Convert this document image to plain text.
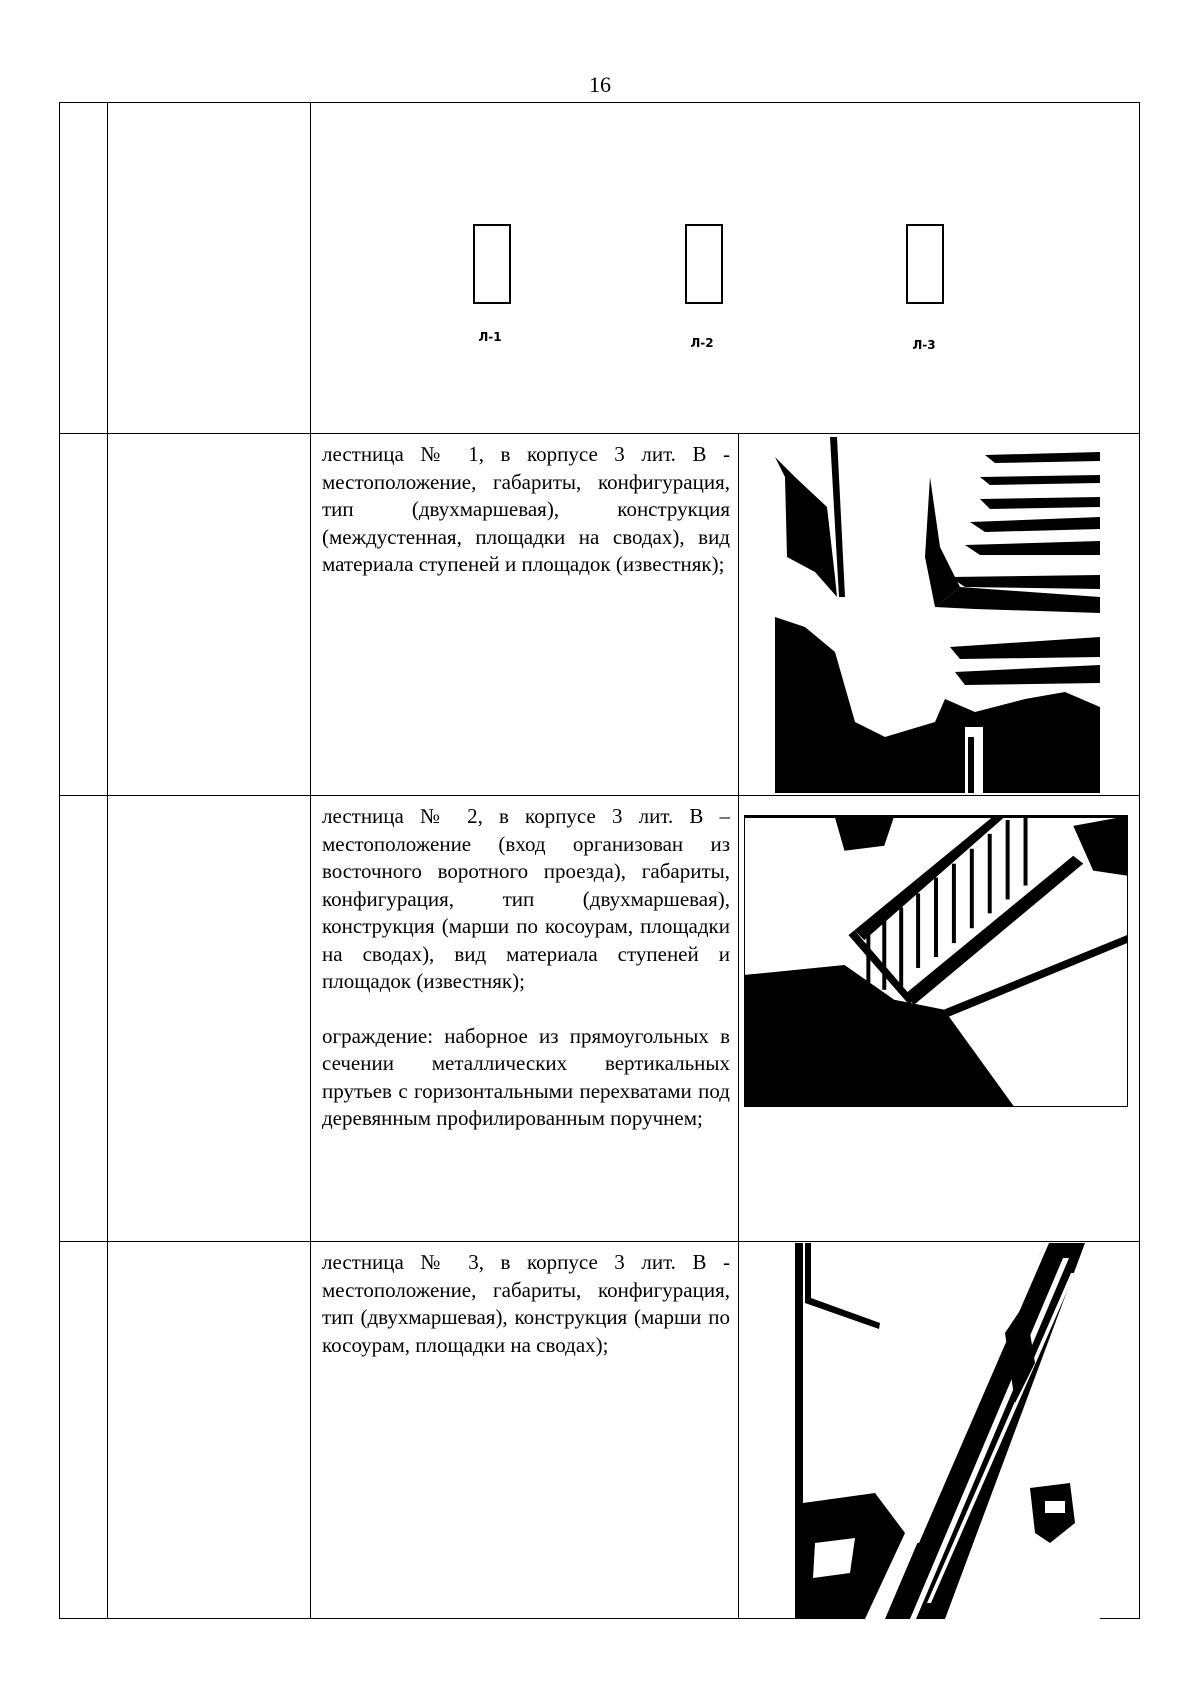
16
Л-1	Л-2	Л-3

лестница № 1, в корпусе 3 лит. В - местоположение, габариты, конфигурация, тип (двухмаршевая), конструкция (междустенная, площадки на сводах), вид материала ступеней и площадок (известняк);

лестница № 2, в корпусе 3 лит. В – местоположение (вход организован из восточного воротного проезда), габариты, конфигурация, тип (двухмаршевая), конструкция (марши по косоурам, площадки на сводах), вид материала ступеней и площадок (известняк);

ограждение: наборное из прямоугольных в сечении металлических вертикальных прутьев с горизонтальными перехватами под деревянным профилированным поручнем;

лестница № 3, в корпусе 3 лит. В - местоположение, габариты, конфигурация, тип (двухмаршевая), конструкция (марши по косоурам, площадки на сводах);
